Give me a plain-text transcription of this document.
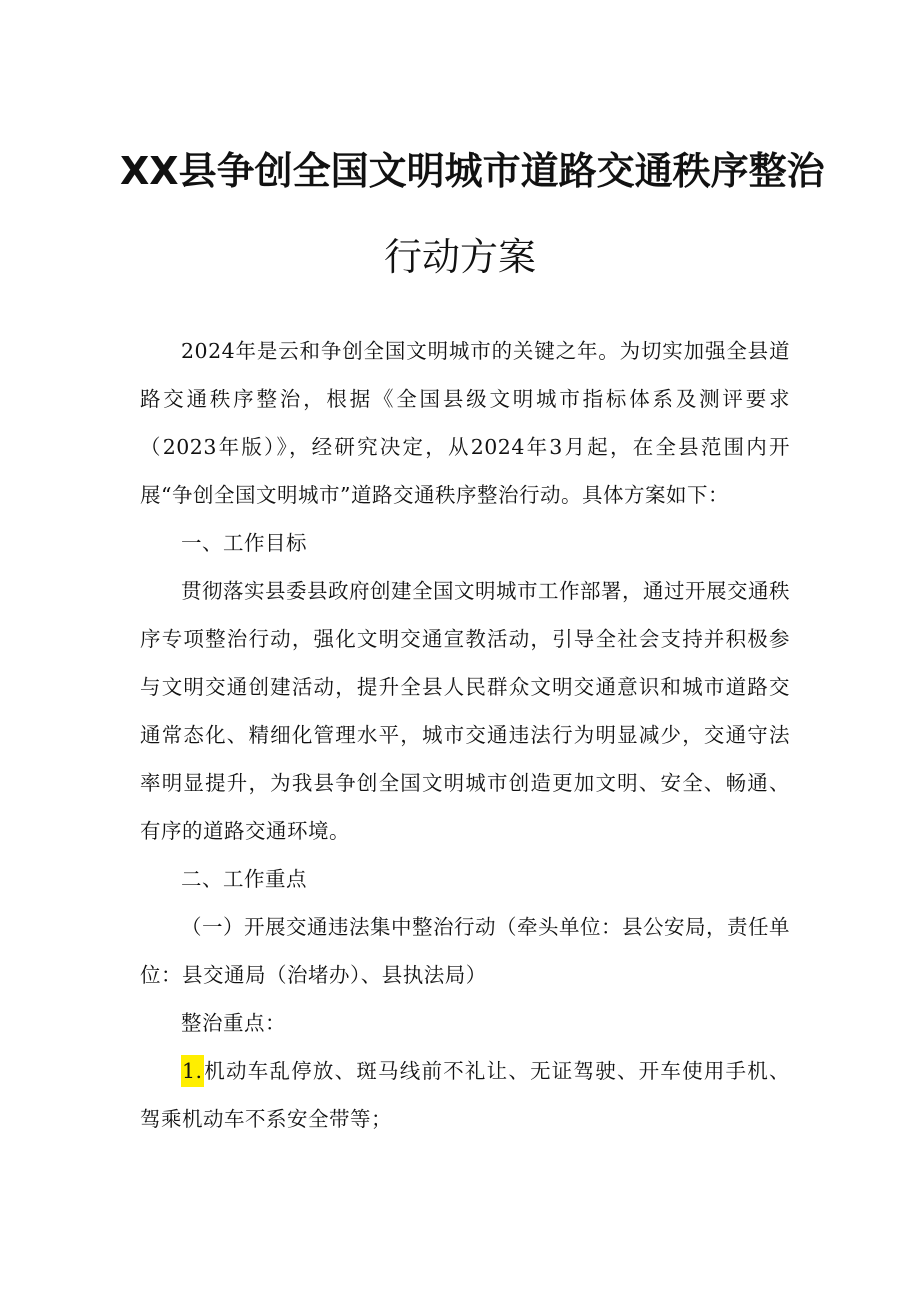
XX县争创全国文明城市道路交通秩序整治
行动方案

2024年是云和争创全国文明城市的关键之年。为切实加强全县道路交通秩序整治，根据《全国县级文明城市指标体系及测评要求（2023年版）》，经研究决定，从2024年3月起，在全县范围内开展“争创全国文明城市”道路交通秩序整治行动。具体方案如下：

一、工作目标

贯彻落实县委县政府创建全国文明城市工作部署，通过开展交通秩序专项整治行动，强化文明交通宣教活动，引导全社会支持并积极参与文明交通创建活动，提升全县人民群众文明交通意识和城市道路交通常态化、精细化管理水平，城市交通违法行为明显减少，交通守法率明显提升，为我县争创全国文明城市创造更加文明、安全、畅通、有序的道路交通环境。

二、工作重点

（一）开展交通违法集中整治行动（牵头单位：县公安局，责任单位：县交通局（治堵办）、县执法局）

整治重点：

1.机动车乱停放、斑马线前不礼让、无证驾驶、开车使用手机、驾乘机动车不系安全带等；
